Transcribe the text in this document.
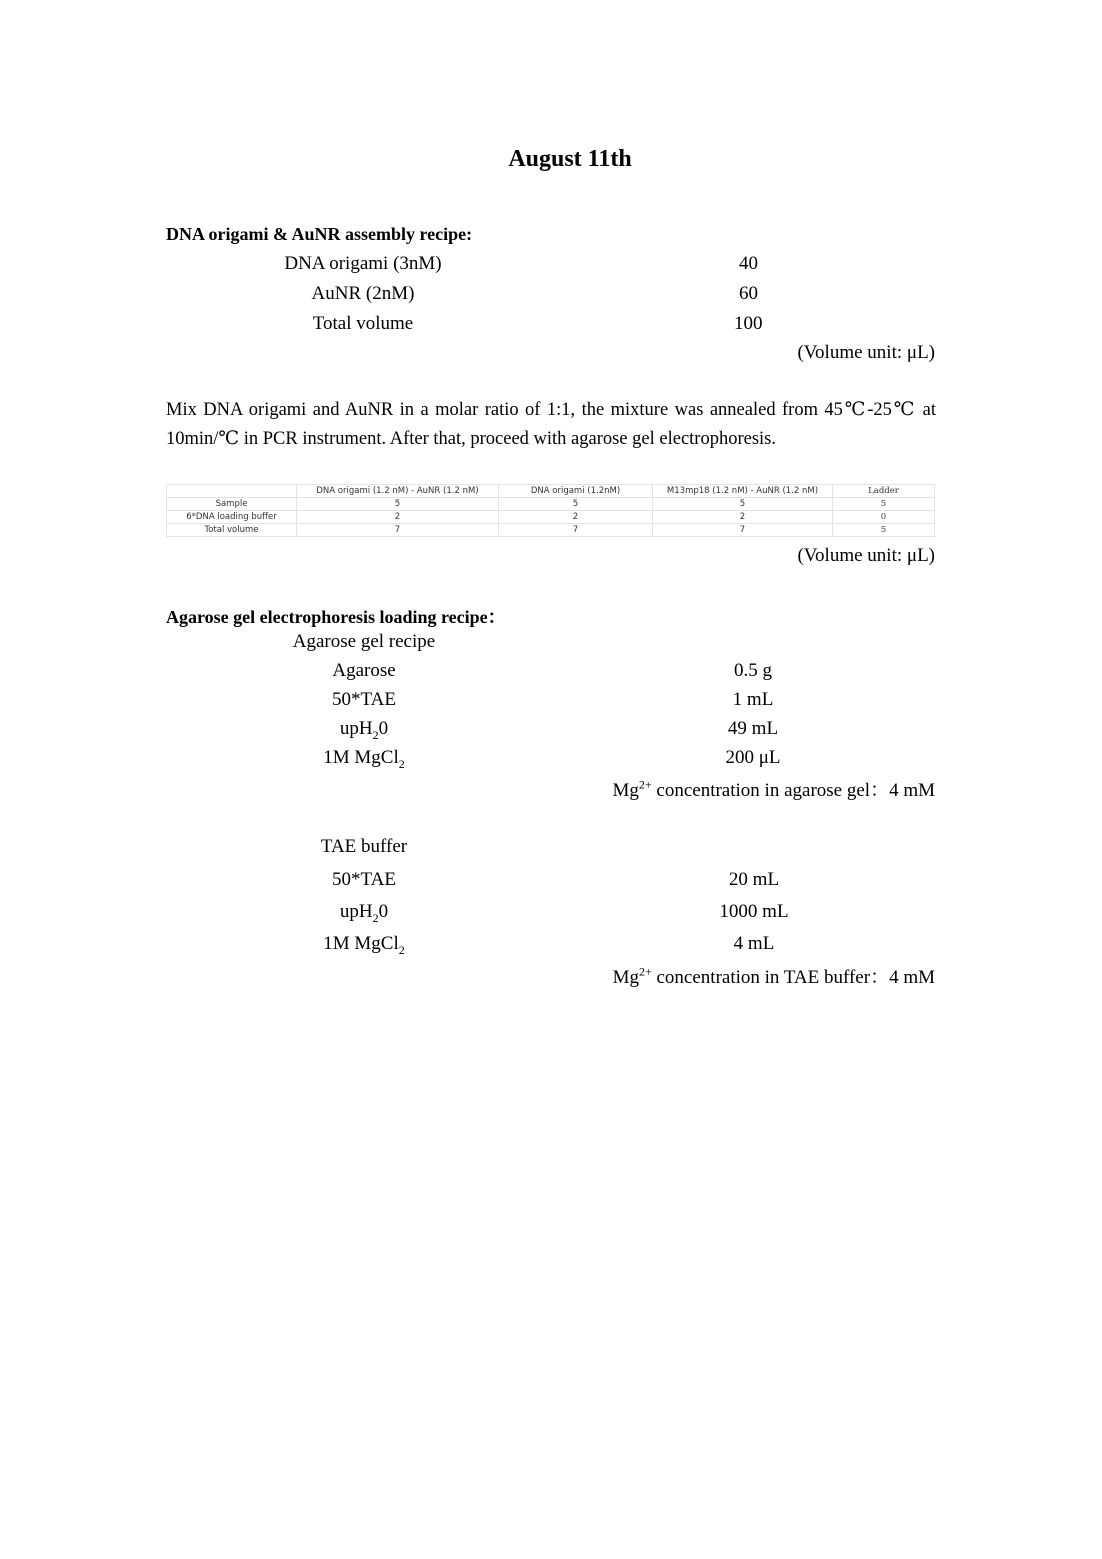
August 11th
DNA origami & AuNR assembly recipe:
DNA origami (3nM)	40
AuNR (2nM)	60
Total volume	100
(Volume unit: μL)
Mix DNA origami and AuNR in a molar ratio of 1:1, the mixture was annealed from 45℃-25℃ at 10min/℃ in PCR instrument. After that, proceed with agarose gel electrophoresis.
	DNA origami (1.2 nM) - AuNR (1.2 nM)	DNA origami (1.2nM)	M13mp18 (1.2 nM) - AuNR (1.2 nM)	Ladder
Sample	5	5	5	5
6*DNA loading buffer	2	2	2	0
Total volume	7	7	7	5
(Volume unit: μL)
Agarose gel electrophoresis loading recipe：
Agarose gel recipe
Agarose	0.5 g
50*TAE	1 mL
upH$_2$0	49 mL
1M MgCl$_2$	200 μL
$Mg^{2+}$ concentration in agarose gel：4 mM
TAE buffer
50*TAE	20 mL
upH$_2$0	1000 mL
1M MgCl$_2$	4 mL
$Mg^{2+}$ concentration in TAE buffer：4 mM
